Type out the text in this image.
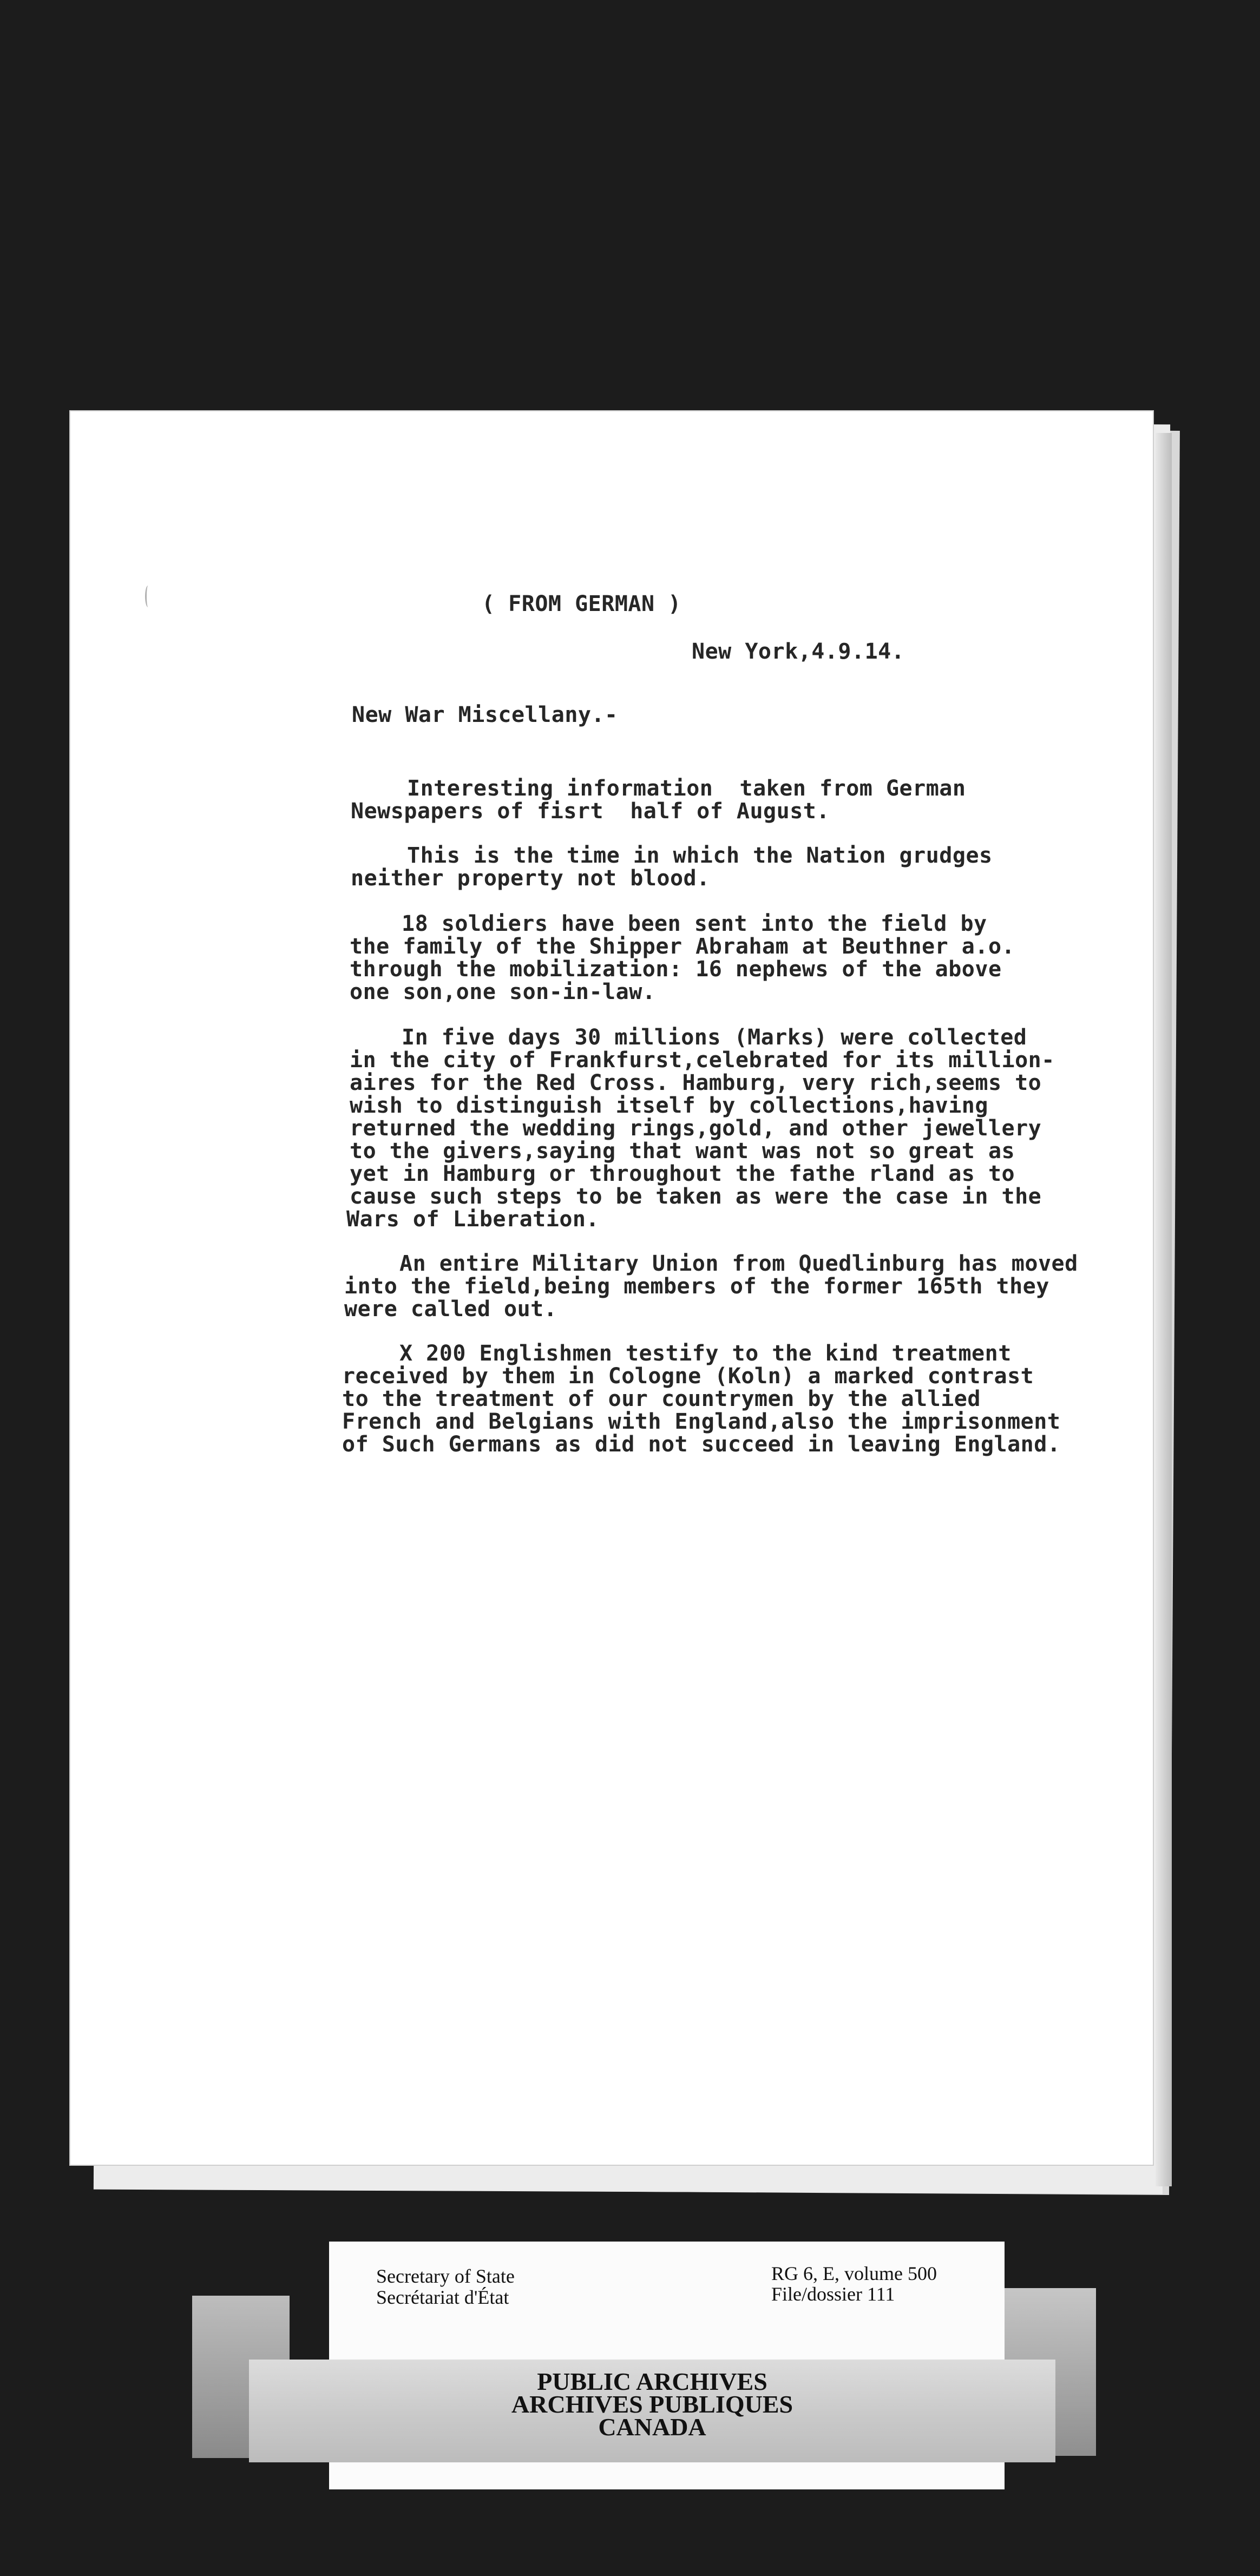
( FROM GERMAN )
New York,4.9.14.
New War Miscellany.-
Interesting information  taken from German
Newspapers of fisrt  half of August.
This is the time in which the Nation grudges
neither property not blood.
18 soldiers have been sent into the field by
the family of the Shipper Abraham at Beuthner a.o.
through the mobilization: 16 nephews of the above
one son,one son-in-law.
In five days 30 millions (Marks) were collected
in the city of Frankfurst,celebrated for its million-
aires for the Red Cross. Hamburg, very rich,seems to
wish to distinguish itself by collections,having
returned the wedding rings,gold, and other jewellery
to the givers,saying that want was not so great as
yet in Hamburg or throughout the fathe rland as to
cause such steps to be taken as were the case in the
Wars of Liberation.
An entire Military Union from Quedlinburg has moved
into the field,being members of the former 165th they
were called out.
X 200 Englishmen testify to the kind treatment
received by them in Cologne (Koln) a marked contrast
to the treatment of our countrymen by the allied
French and Belgians with England,also the imprisonment
of Such Germans as did not succeed in leaving England.
Secretary of State
Secrétariat d'État
RG 6, E, volume 500
File/dossier 111
PUBLIC ARCHIVES
ARCHIVES PUBLIQUES
CANADA
